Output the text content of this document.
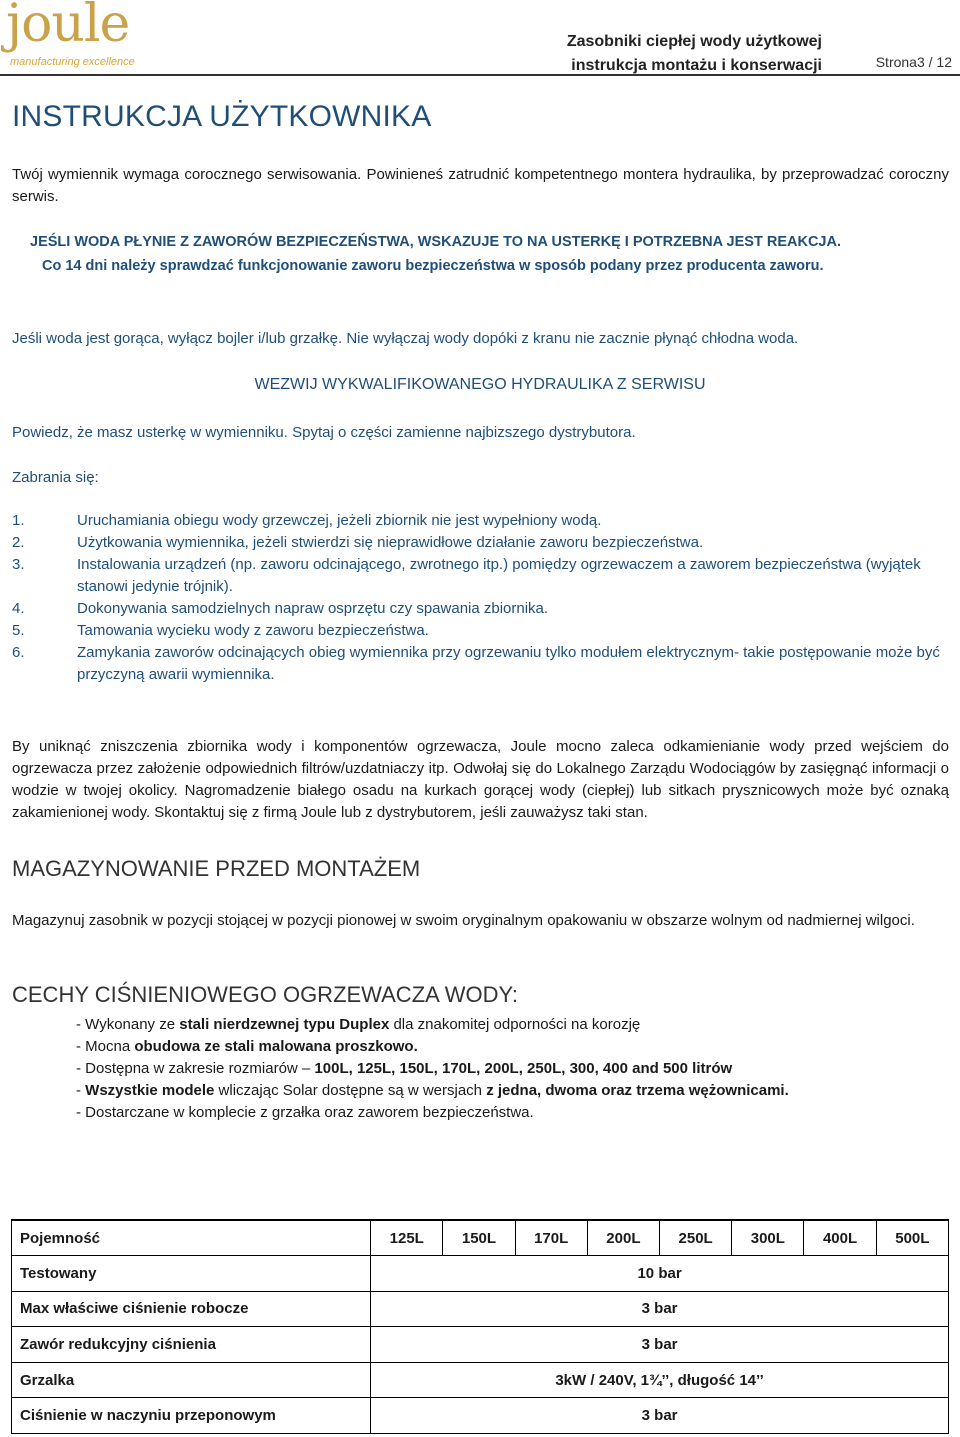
joule
manufacturing excellence
Zasobniki ciepłej wody użytkowej
instrukcja montażu i konserwacji	Strona3 / 12
INSTRUKCJA UŻYTKOWNIKA

Twój wymiennik wymaga corocznego serwisowania. Powinieneś zatrudnić kompetentnego montera hydraulika, by przeprowadzać coroczny serwis.

JEŚLI WODA PŁYNIE Z ZAWORÓW BEZPIECZEŃSTWA, WSKAZUJE TO NA USTERKĘ I POTRZEBNA JEST REAKCJA.
Co 14 dni należy sprawdzać funkcjonowanie zaworu bezpieczeństwa w sposób podany przez producenta zaworu.
Jeśli woda jest gorąca, wyłącz bojler i/lub grzałkę. Nie wyłączaj wody dopóki z kranu nie zacznie płynąć chłodna woda.
WEZWIJ WYKWALIFIKOWANEGO HYDRAULIKA Z SERWISU
Powiedz, że masz usterkę w wymienniku. Spytaj o części zamienne najbizszego dystrybutora.
Zabrania się:
1.	Uruchamiania obiegu wody grzewczej, jeżeli zbiornik nie jest wypełniony wodą.
2.	Użytkowania wymiennika, jeżeli stwierdzi się nieprawidłowe działanie zaworu bezpieczeństwa.
3.	Instalowania urządzeń (np. zaworu odcinającego, zwrotnego itp.) pomiędzy ogrzewaczem a zaworem bezpieczeństwa (wyjątek stanowi jedynie trójnik).
4.	Dokonywania samodzielnych napraw osprzętu czy spawania zbiornika.
5.	Tamowania wycieku wody z zaworu bezpieczeństwa.
6.	Zamykania zaworów odcinających obieg wymiennika przy ogrzewaniu tylko modułem elektrycznym- takie postępowanie może być przyczyną awarii wymiennika.

By uniknąć zniszczenia zbiornika wody i komponentów ogrzewacza, Joule mocno zaleca odkamienianie wody przed wejściem do ogrzewacza przez założenie odpowiednich filtrów/uzdatniaczy itp. Odwołaj się do Lokalnego Zarządu Wodociągów by zasięgnąć informacji o wodzie w twojej okolicy. Nagromadzenie białego osadu na kurkach gorącej wody (ciepłej) lub sitkach prysznicowych może być oznaką zakamienionej wody. Skontaktuj się z firmą Joule lub z dystrybutorem, jeśli zauważysz taki stan.

MAGAZYNOWANIE PRZED MONTAŻEM

Magazynuj zasobnik w pozycji stojącej w pozycji pionowej w swoim oryginalnym opakowaniu w obszarze wolnym od nadmiernej wilgoci.

CECHY CIŚNIENIOWEGO OGRZEWACZA WODY:
- Wykonany ze stali nierdzewnej typu Duplex dla znakomitej odporności na korozję
- Mocna obudowa ze stali malowana proszkowo.
- Dostępna w zakresie rozmiarów – 100L, 125L, 150L, 170L, 200L, 250L, 300, 400 and 500 litrów
- Wszystkie modele wliczając Solar dostępne są w wersjach z jedna, dwoma oraz trzema wężownicami.
- Dostarczane w komplecie z grzałka oraz zaworem bezpieczeństwa.
Pojemność	125L	150L	170L	200L	250L	300L	400L	500L
Testowany	10 bar							
Max właściwe ciśnienie robocze	3 bar							
Zawór redukcyjny ciśnienia	3 bar							
Grzalka	3kW / 240V, 1¾’’, długość 14’’							
Ciśnienie w naczyniu przeponowym	3 bar							
